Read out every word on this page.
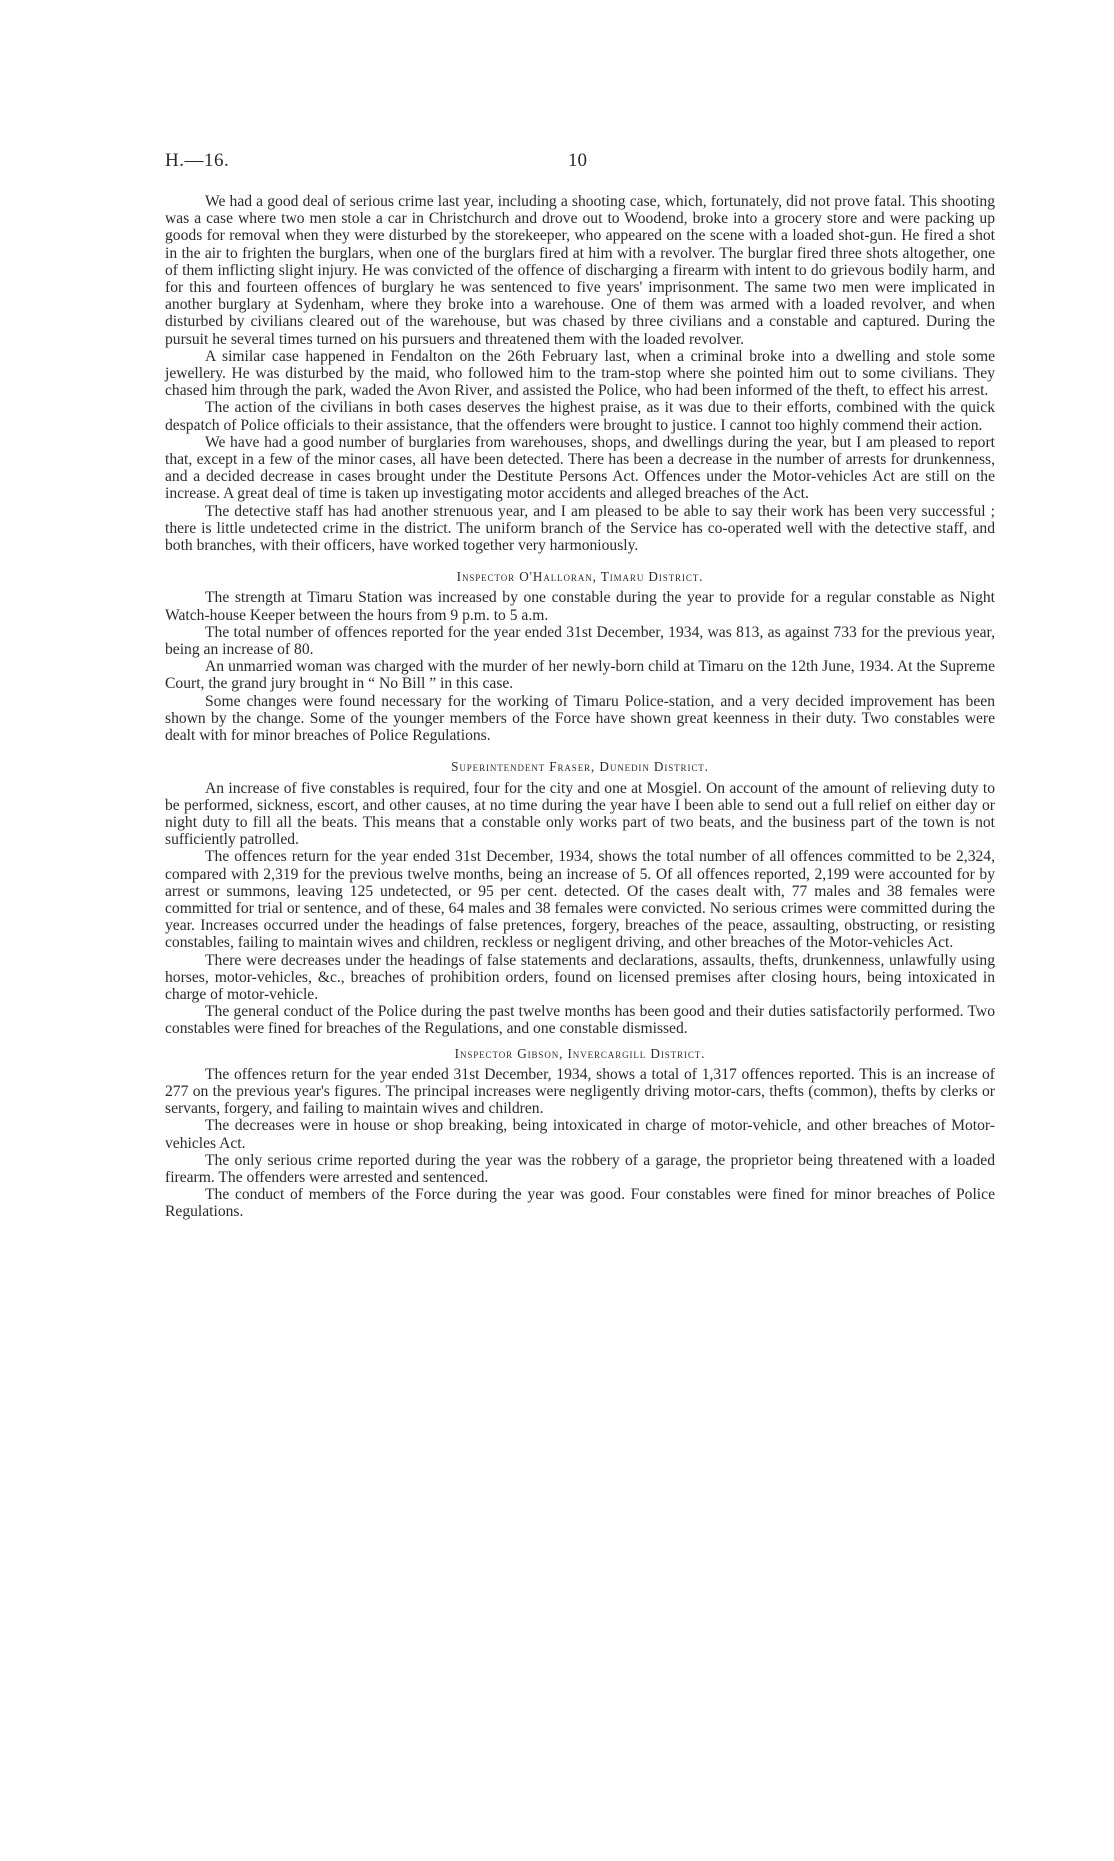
H.—16.	10

We had a good deal of serious crime last year, including a shooting case, which, fortunately, did not prove fatal. This shooting was a case where two men stole a car in Christchurch and drove out to Woodend, broke into a grocery store and were packing up goods for removal when they were disturbed by the storekeeper, who appeared on the scene with a loaded shot-gun. He fired a shot in the air to frighten the burglars, when one of the burglars fired at him with a revolver. The burglar fired three shots altogether, one of them inflicting slight injury. He was convicted of the offence of discharging a firearm with intent to do grievous bodily harm, and for this and fourteen offences of burglary he was sentenced to five years' imprisonment. The same two men were implicated in another burglary at Sydenham, where they broke into a warehouse. One of them was armed with a loaded revolver, and when disturbed by civilians cleared out of the warehouse, but was chased by three civilians and a constable and captured. During the pursuit he several times turned on his pursuers and threatened them with the loaded revolver.

A similar case happened in Fendalton on the 26th February last, when a criminal broke into a dwelling and stole some jewellery. He was disturbed by the maid, who followed him to the tram-stop where she pointed him out to some civilians. They chased him through the park, waded the Avon River, and assisted the Police, who had been informed of the theft, to effect his arrest.

The action of the civilians in both cases deserves the highest praise, as it was due to their efforts, combined with the quick despatch of Police officials to their assistance, that the offenders were brought to justice. I cannot too highly commend their action.

We have had a good number of burglaries from warehouses, shops, and dwellings during the year, but I am pleased to report that, except in a few of the minor cases, all have been detected. There has been a decrease in the number of arrests for drunkenness, and a decided decrease in cases brought under the Destitute Persons Act. Offences under the Motor-vehicles Act are still on the increase. A great deal of time is taken up investigating motor accidents and alleged breaches of the Act.

The detective staff has had another strenuous year, and I am pleased to be able to say their work has been very successful ; there is little undetected crime in the district. The uniform branch of the Service has co-operated well with the detective staff, and both branches, with their officers, have worked together very harmoniously.

Inspector O'Halloran, Timaru District.

The strength at Timaru Station was increased by one constable during the year to provide for a regular constable as Night Watch-house Keeper between the hours from 9 p.m. to 5 a.m.

The total number of offences reported for the year ended 31st December, 1934, was 813, as against 733 for the previous year, being an increase of 80.

An unmarried woman was charged with the murder of her newly-born child at Timaru on the 12th June, 1934. At the Supreme Court, the grand jury brought in “ No Bill ” in this case.

Some changes were found necessary for the working of Timaru Police-station, and a very decided improvement has been shown by the change. Some of the younger members of the Force have shown great keenness in their duty. Two constables were dealt with for minor breaches of Police Regulations.

Superintendent Fraser, Dunedin District.

An increase of five constables is required, four for the city and one at Mosgiel. On account of the amount of relieving duty to be performed, sickness, escort, and other causes, at no time during the year have I been able to send out a full relief on either day or night duty to fill all the beats. This means that a constable only works part of two beats, and the business part of the town is not sufficiently patrolled.

The offences return for the year ended 31st December, 1934, shows the total number of all offences committed to be 2,324, compared with 2,319 for the previous twelve months, being an increase of 5. Of all offences reported, 2,199 were accounted for by arrest or summons, leaving 125 undetected, or 95 per cent. detected. Of the cases dealt with, 77 males and 38 females were committed for trial or sentence, and of these, 64 males and 38 females were convicted. No serious crimes were committed during the year. Increases occurred under the headings of false pretences, forgery, breaches of the peace, assaulting, obstructing, or resisting constables, failing to maintain wives and children, reckless or negligent driving, and other breaches of the Motor-vehicles Act.

There were decreases under the headings of false statements and declarations, assaults, thefts, drunkenness, unlawfully using horses, motor-vehicles, &c., breaches of prohibition orders, found on licensed premises after closing hours, being intoxicated in charge of motor-vehicle.

The general conduct of the Police during the past twelve months has been good and their duties satisfactorily performed. Two constables were fined for breaches of the Regulations, and one constable dismissed.

Inspector Gibson, Invercargill District.

The offences return for the year ended 31st December, 1934, shows a total of 1,317 offences reported. This is an increase of 277 on the previous year's figures. The principal increases were negligently driving motor-cars, thefts (common), thefts by clerks or servants, forgery, and failing to maintain wives and children.

The decreases were in house or shop breaking, being intoxicated in charge of motor-vehicle, and other breaches of Motor-vehicles Act.

The only serious crime reported during the year was the robbery of a garage, the proprietor being threatened with a loaded firearm. The offenders were arrested and sentenced.

The conduct of members of the Force during the year was good. Four constables were fined for minor breaches of Police Regulations.
